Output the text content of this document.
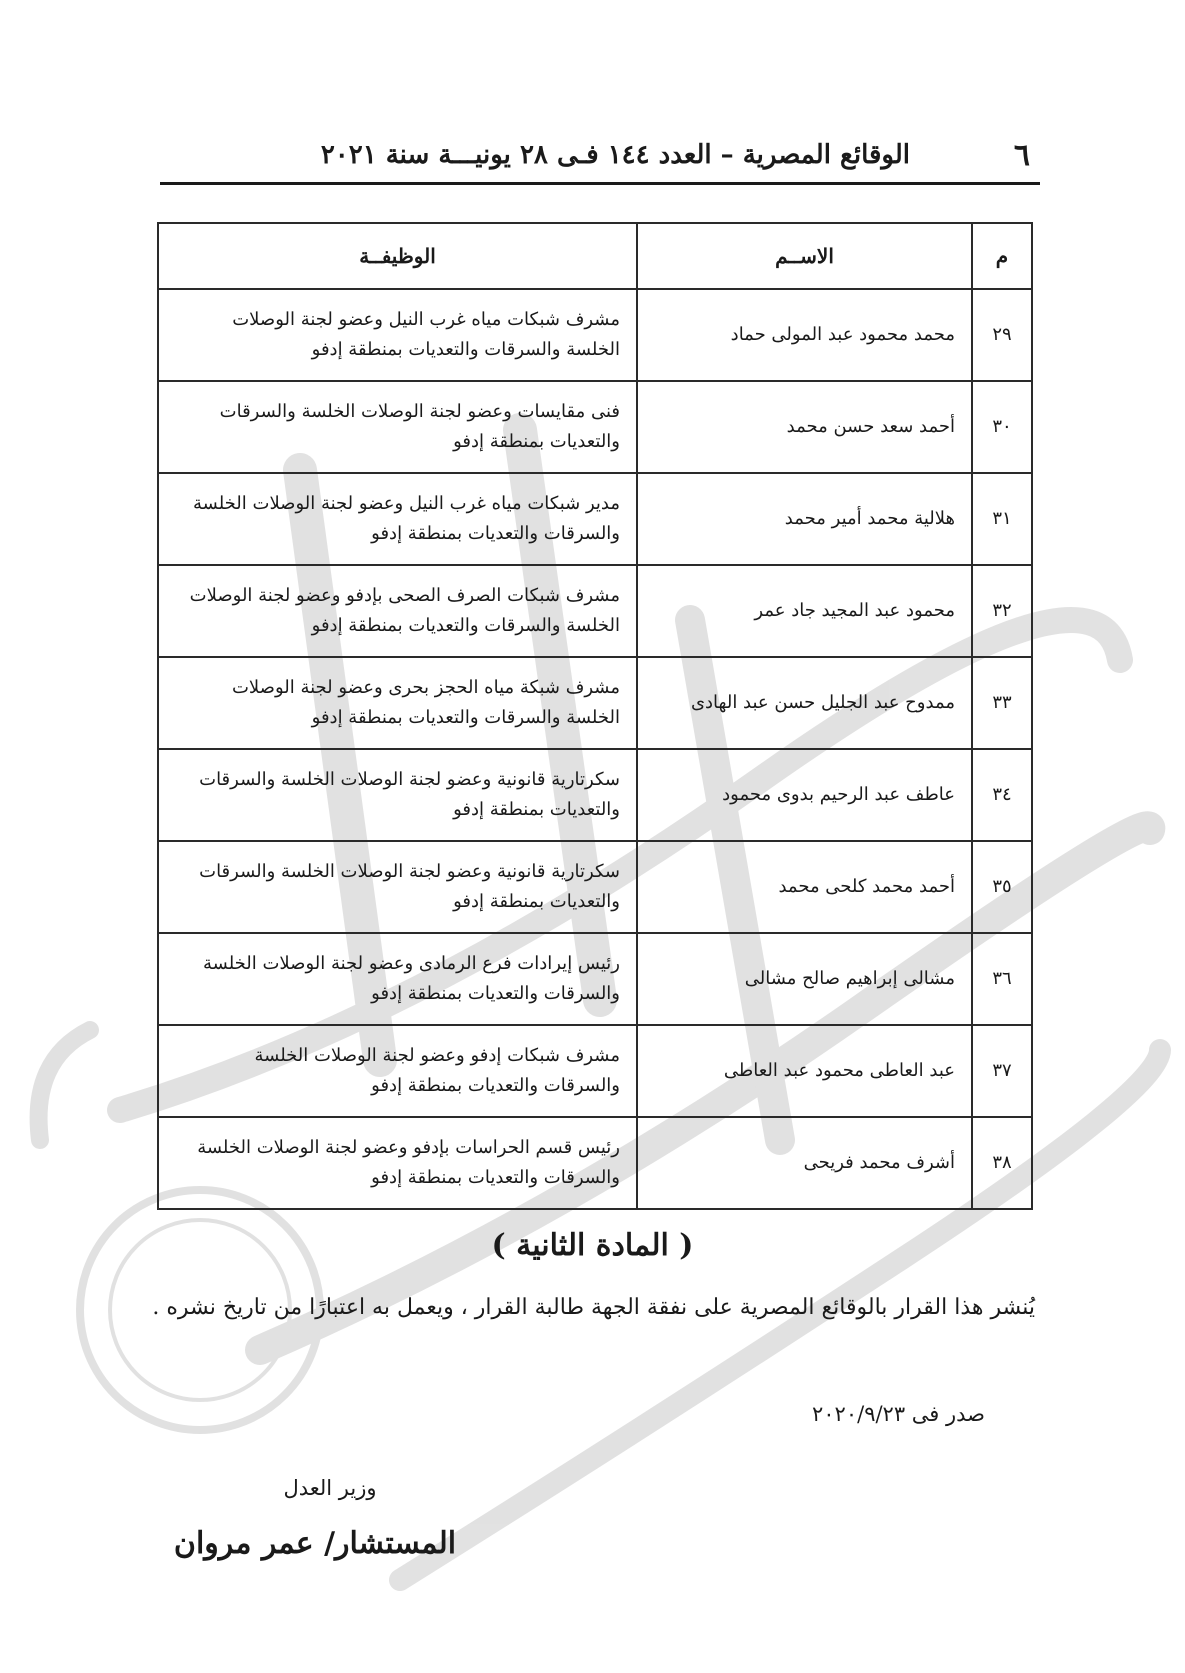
٦
الوقائع المصرية – العدد ١٤٤ فـى ٢٨ يونيـــة سنة ٢٠٢١
م	الاســم	الوظيفــة
٢٩	محمد محمود عبد المولى حماد	مشرف شبكات مياه غرب النيل وعضو لجنة الوصلات الخلسة والسرقات والتعديات بمنطقة إدفو
٣٠	أحمد سعد حسن محمد	فنى مقايسات وعضو لجنة الوصلات الخلسة والسرقات والتعديات بمنطقة إدفو
٣١	هلالية محمد أمير محمد	مدير شبكات مياه غرب النيل وعضو لجنة الوصلات الخلسة والسرقات والتعديات بمنطقة إدفو
٣٢	محمود عبد المجيد جاد عمر	مشرف شبكات الصرف الصحى بإدفو وعضو لجنة الوصلات الخلسة والسرقات والتعديات بمنطقة إدفو
٣٣	ممدوح عبد الجليل حسن عبد الهادى	مشرف شبكة مياه الحجز بحرى وعضو لجنة الوصلات الخلسة والسرقات والتعديات بمنطقة إدفو
٣٤	عاطف عبد الرحيم بدوى محمود	سكرتارية قانونية وعضو لجنة الوصلات الخلسة والسرقات والتعديات بمنطقة إدفو
٣٥	أحمد محمد كلحى محمد	سكرتارية قانونية وعضو لجنة الوصلات الخلسة والسرقات والتعديات بمنطقة إدفو
٣٦	مشالى إبراهيم صالح مشالى	رئيس إيرادات فرع الرمادى وعضو لجنة الوصلات الخلسة والسرقات والتعديات بمنطقة إدفو
٣٧	عبد العاطى محمود عبد العاطى	مشرف شبكات إدفو وعضو لجنة الوصلات الخلسة والسرقات والتعديات بمنطقة إدفو
٣٨	أشرف محمد فريحى	رئيس قسم الحراسات بإدفو وعضو لجنة الوصلات الخلسة والسرقات والتعديات بمنطقة إدفو
( المادة الثانية )
يُنشر هذا القرار بالوقائع المصرية على نفقة الجهة طالبة القرار ، ويعمل به اعتبارًا من تاريخ نشره .
صدر فى ٢٠٢٠/٩/٢٣
وزير العدل
المستشار/ عمر مروان
